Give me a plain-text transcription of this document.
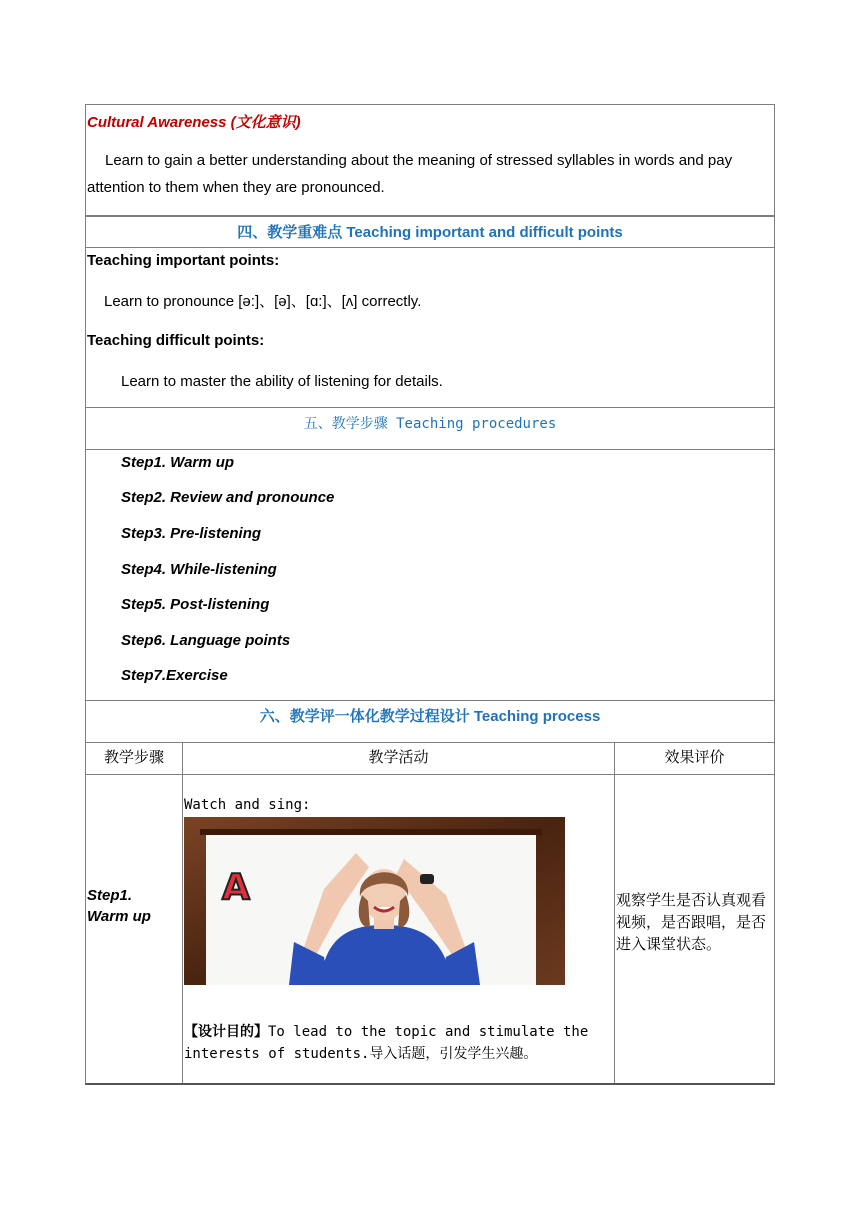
Cultural Awareness (文化意识)
Learn to gain a better understanding about the meaning of stressed syllables in words and pay attention to them when they are pronounced.
四、教学重难点 Teaching important and difficult points
Teaching important points:
Learn to pronounce [ə:]、[ə]、[ɑ:]、[ʌ] correctly.
Teaching difficult points:
Learn to master the ability of listening for details.
五、教学步骤 Teaching procedures
Step1. Warm up
Step2. Review and pronounce
Step3. Pre-listening
Step4. While-listening
Step5. Post-listening
Step6. Language points
Step7.Exercise
六、教学评一体化教学过程设计 Teaching process
教学步骤	教学活动	效果评价
Step1.
Warm up
Watch and sing:
A
【设计目的】To lead to the topic and stimulate the interests of students.导入话题，引发学生兴趣。
观察学生是否认真观看视频，是否跟唱，是否进入课堂状态。
